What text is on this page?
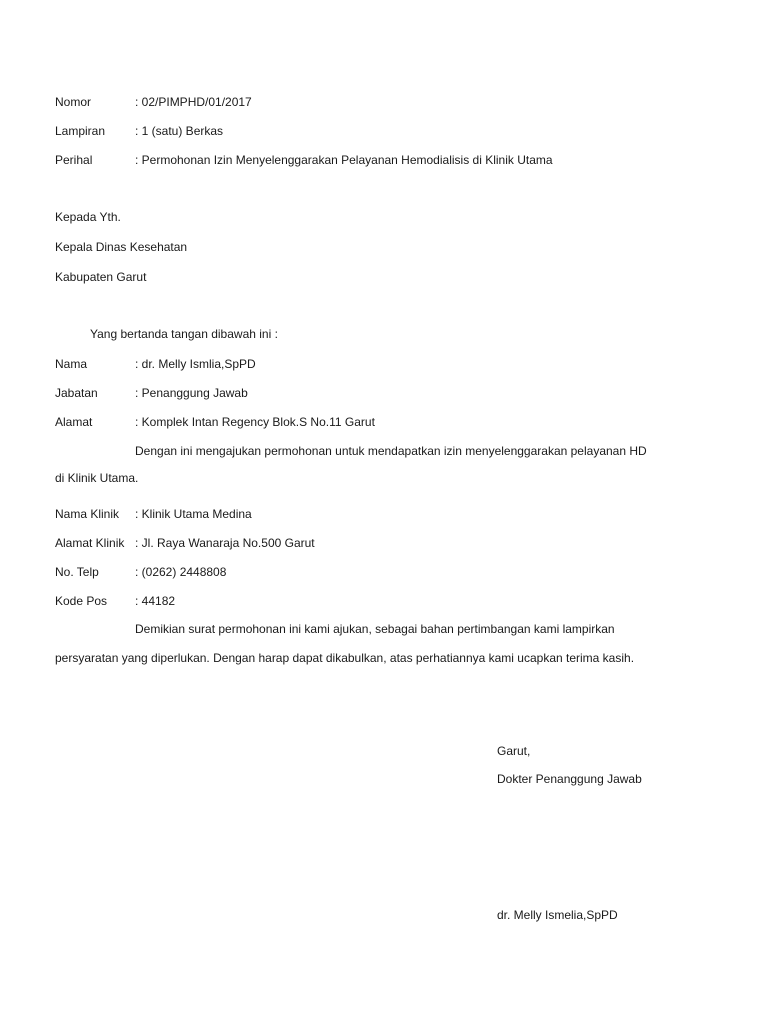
Nomor	: 02/PIMPHD/01/2017
Lampiran : 1 (satu) Berkas
Perihal	: Permohonan Izin Menyelenggarakan Pelayanan Hemodialisis di Klinik Utama
Kepada Yth.
Kepala Dinas Kesehatan
Kabupaten Garut
Yang bertanda tangan dibawah ini :
Nama	: dr. Melly Ismlia,SpPD
Jabatan	: Penanggung Jawab
Alamat	: Komplek Intan Regency Blok.S No.11 Garut
Dengan ini mengajukan permohonan untuk mendapatkan izin menyelenggarakan pelayanan HD
di Klinik Utama.
Nama Klinik : Klinik Utama Medina
Alamat Klinik : Jl. Raya Wanaraja No.500 Garut
No. Telp	: (0262) 2448808
Kode Pos : 44182
Demikian surat permohonan ini kami ajukan, sebagai bahan pertimbangan kami lampirkan
persyaratan yang diperlukan. Dengan harap dapat dikabulkan, atas perhatiannya kami ucapkan terima kasih.
Garut,
Dokter Penanggung Jawab
dr. Melly Ismelia,SpPD
